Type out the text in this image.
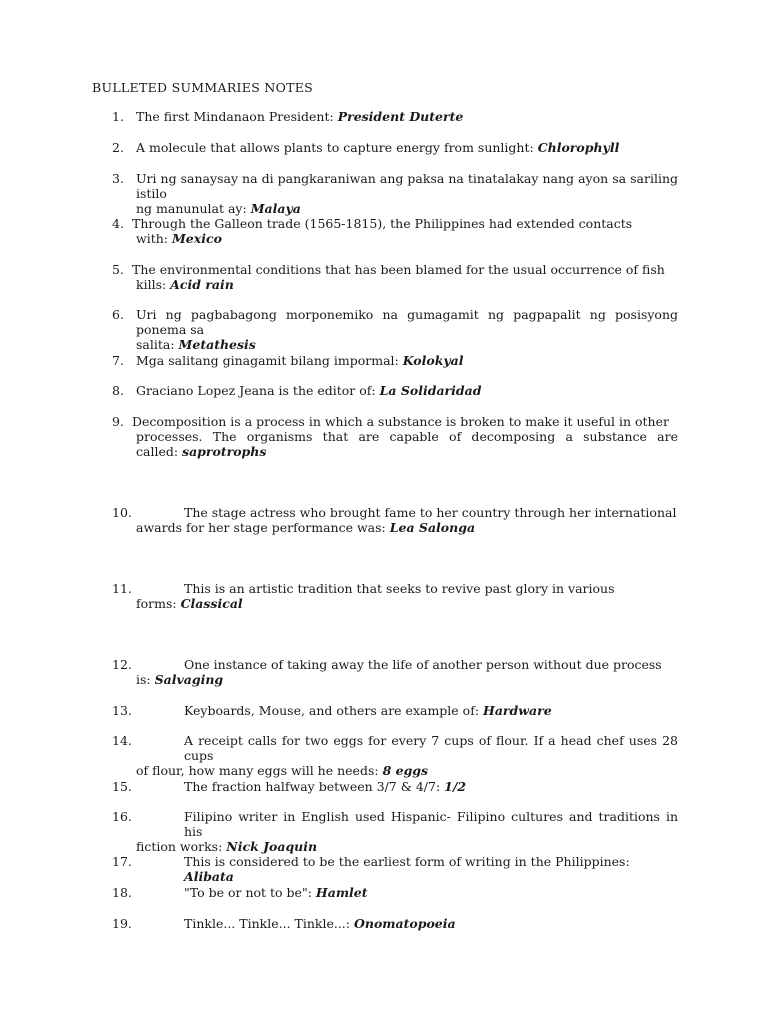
BULLETED SUMMARIES NOTES
1. The first Mindanaon President: President Duterte
2. A molecule that allows plants to capture energy from sunlight: Chlorophyll
3. Uri ng sanaysay na di pangkaraniwan ang paksa na tinatalakay nang ayon sa sariling istilo
ng manunulat ay: Malaya
4. Through the Galleon trade (1565-1815), the Philippines had extended contacts
with: Mexico
5. The environmental conditions that has been blamed for the usual occurrence of fish
kills: Acid rain
6. Uri ng pagbabagong morponemiko na gumagamit ng pagpapalit ng posisyong ponema sa
salita: Metathesis
7. Mga salitang ginagamit bilang impormal: Kolokyal
8. Graciano Lopez Jeana is the editor of: La Solidaridad
9. Decomposition is a process in which a substance is broken to make it useful in other
processes. The organisms that are capable of decomposing a substance are
called: saprotrophs
10.	The stage actress who brought fame to her country through her international
awards for her stage performance was: Lea Salonga
11.	This is an artistic tradition that seeks to revive past glory in various
forms: Classical
12.	One instance of taking away the life of another person without due process
is: Salvaging
13.	Keyboards, Mouse, and others are example of: Hardware
14.	A receipt calls for two eggs for every 7 cups of flour. If a head chef uses 28 cups
of flour, how many eggs will he needs: 8 eggs
15.	The fraction halfway between 3/7 & 4/7: 1/2
16.	Filipino writer in English used Hispanic- Filipino cultures and traditions in his
fiction works: Nick Joaquin
17.	This is considered to be the earliest form of writing in the Philippines: Alibata
18.	"To be or not to be": Hamlet
19.	Tinkle... Tinkle... Tinkle...: Onomatopoeia
